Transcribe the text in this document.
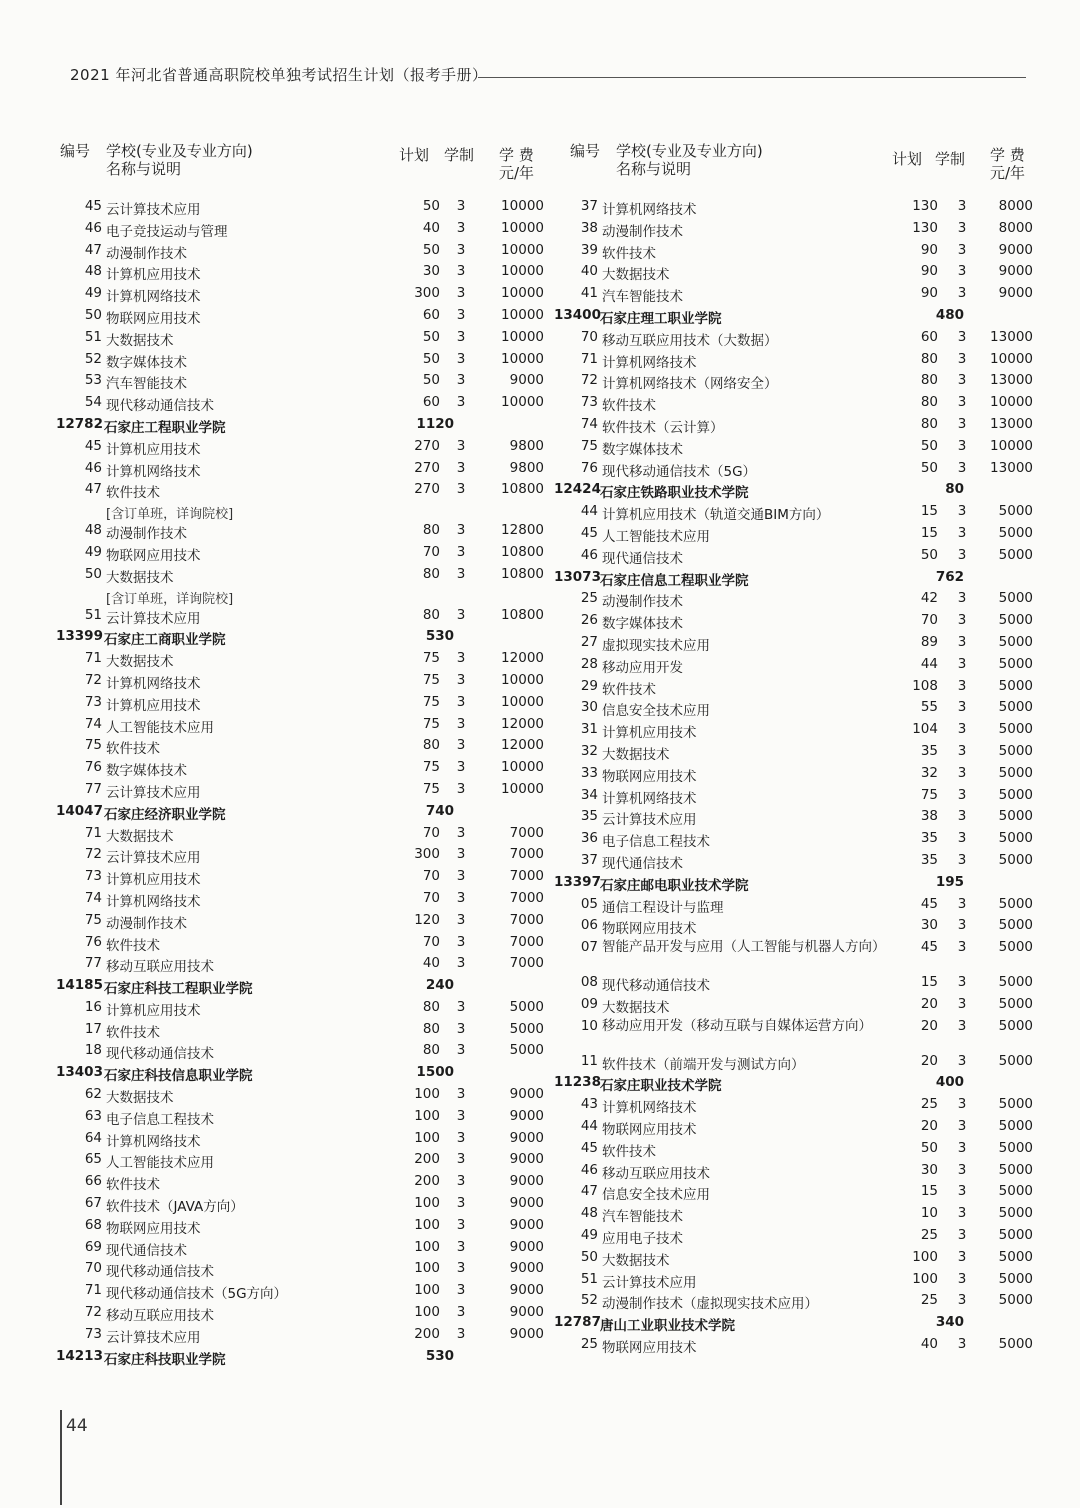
2021 年河北省普通高职院校单独考试招生计划（报考手册）
编号 学校(专业及专业方向)
名称与说明
计划 学制 学 费
元/年
45 云计算技术应用	50 3	10000
46 电子竞技运动与管理	40 3	10000
47 动漫制作技术	50 3	10000
48 计算机应用技术	30 3	10000
49 计算机网络技术	300 3	10000
50 物联网应用技术	60 3	10000
51 大数据技术	50 3	10000
52 数字媒体技术	50 3	10000
53 汽车智能技术	50 3	9000
54 现代移动通信技术	60 3	10000
12782 石家庄工程职业学院	1120
45 计算机应用技术	270 3	9800
46 计算机网络技术	270 3	9800
47 软件技术	270 3	10800
[含订单班，详询院校]
48 动漫制作技术	80 3	12800
49 物联网应用技术	70 3	10800
50 大数据技术	80 3	10800
[含订单班，详询院校]
51 云计算技术应用	80 3	10800
13399 石家庄工商职业学院	530
71 大数据技术	75 3	12000
72 计算机网络技术	75 3	10000
73 计算机应用技术	75 3	10000
74 人工智能技术应用	75 3	12000
75 软件技术	80 3	12000
76 数字媒体技术	75 3	10000
77 云计算技术应用	75 3	10000
14047 石家庄经济职业学院	740
71 大数据技术	70 3	7000
72 云计算技术应用	300 3	7000
73 计算机应用技术	70 3	7000
74 计算机网络技术	70 3	7000
75 动漫制作技术	120 3	7000
76 软件技术	70 3	7000
77 移动互联应用技术	40 3	7000
14185 石家庄科技工程职业学院	240
16 计算机应用技术	80 3	5000
17 软件技术	80 3	5000
18 现代移动通信技术	80 3	5000
13403 石家庄科技信息职业学院	1500
62 大数据技术	100 3	9000
63 电子信息工程技术	100 3	9000
64 计算机网络技术	100 3	9000
65 人工智能技术应用	200 3	9000
66 软件技术	200 3	9000
67 软件技术（JAVA方向）	100 3	9000
68 物联网应用技术	100 3	9000
69 现代通信技术	100 3	9000
70 现代移动通信技术	100 3	9000
71 现代移动通信技术（5G方向）	100 3	9000
72 移动互联应用技术	100 3	9000
73 云计算技术应用	200 3	9000
14213 石家庄科技职业学院	530
编号 学校(专业及专业方向)
名称与说明
计划 学制 学 费
元/年
37 计算机网络技术	130 3	8000
38 动漫制作技术	130 3	8000
39 软件技术	90 3	9000
40 大数据技术	90 3	9000
41 汽车智能技术	90 3	9000
13400 石家庄理工职业学院	480
70 移动互联应用技术（大数据）	60 3	13000
71 计算机网络技术	80 3	10000
72 计算机网络技术（网络安全）	80 3	13000
73 软件技术	80 3	10000
74 软件技术（云计算）	80 3	13000
75 数字媒体技术	50 3	10000
76 现代移动通信技术（5G）	50 3	13000
12424 石家庄铁路职业技术学院	80
44 计算机应用技术（轨道交通BIM方向）	15 3	5000
45 人工智能技术应用	15 3	5000
46 现代通信技术	50 3	5000
13073 石家庄信息工程职业学院	762
25 动漫制作技术	42 3	5000
26 数字媒体技术	70 3	5000
27 虚拟现实技术应用	89 3	5000
28 移动应用开发	44 3	5000
29 软件技术	108 3	5000
30 信息安全技术应用	55 3	5000
31 计算机应用技术	104 3	5000
32 大数据技术	35 3	5000
33 物联网应用技术	32 3	5000
34 计算机网络技术	75 3	5000
35 云计算技术应用	38 3	5000
36 电子信息工程技术	35 3	5000
37 现代通信技术	35 3	5000
13397 石家庄邮电职业技术学院	195
05 通信工程设计与监理	45 3	5000
06 物联网应用技术	30 3	5000
07 智能产品开发与应用（人工智能与机器人方向）	45 3	5000
08 现代移动通信技术	15 3	5000
09 大数据技术	20 3	5000
10 移动应用开发（移动互联与自媒体运营方向）	20 3	5000
11 软件技术（前端开发与测试方向）	20 3	5000
11238 石家庄职业技术学院	400
43 计算机网络技术	25 3	5000
44 物联网应用技术	20 3	5000
45 软件技术	50 3	5000
46 移动互联应用技术	30 3	5000
47 信息安全技术应用	15 3	5000
48 汽车智能技术	10 3	5000
49 应用电子技术	25 3	5000
50 大数据技术	100 3	5000
51 云计算技术应用	100 3	5000
52 动漫制作技术（虚拟现实技术应用）	25 3	5000
12787 唐山工业职业技术学院	340
25 物联网应用技术	40 3	5000
44
